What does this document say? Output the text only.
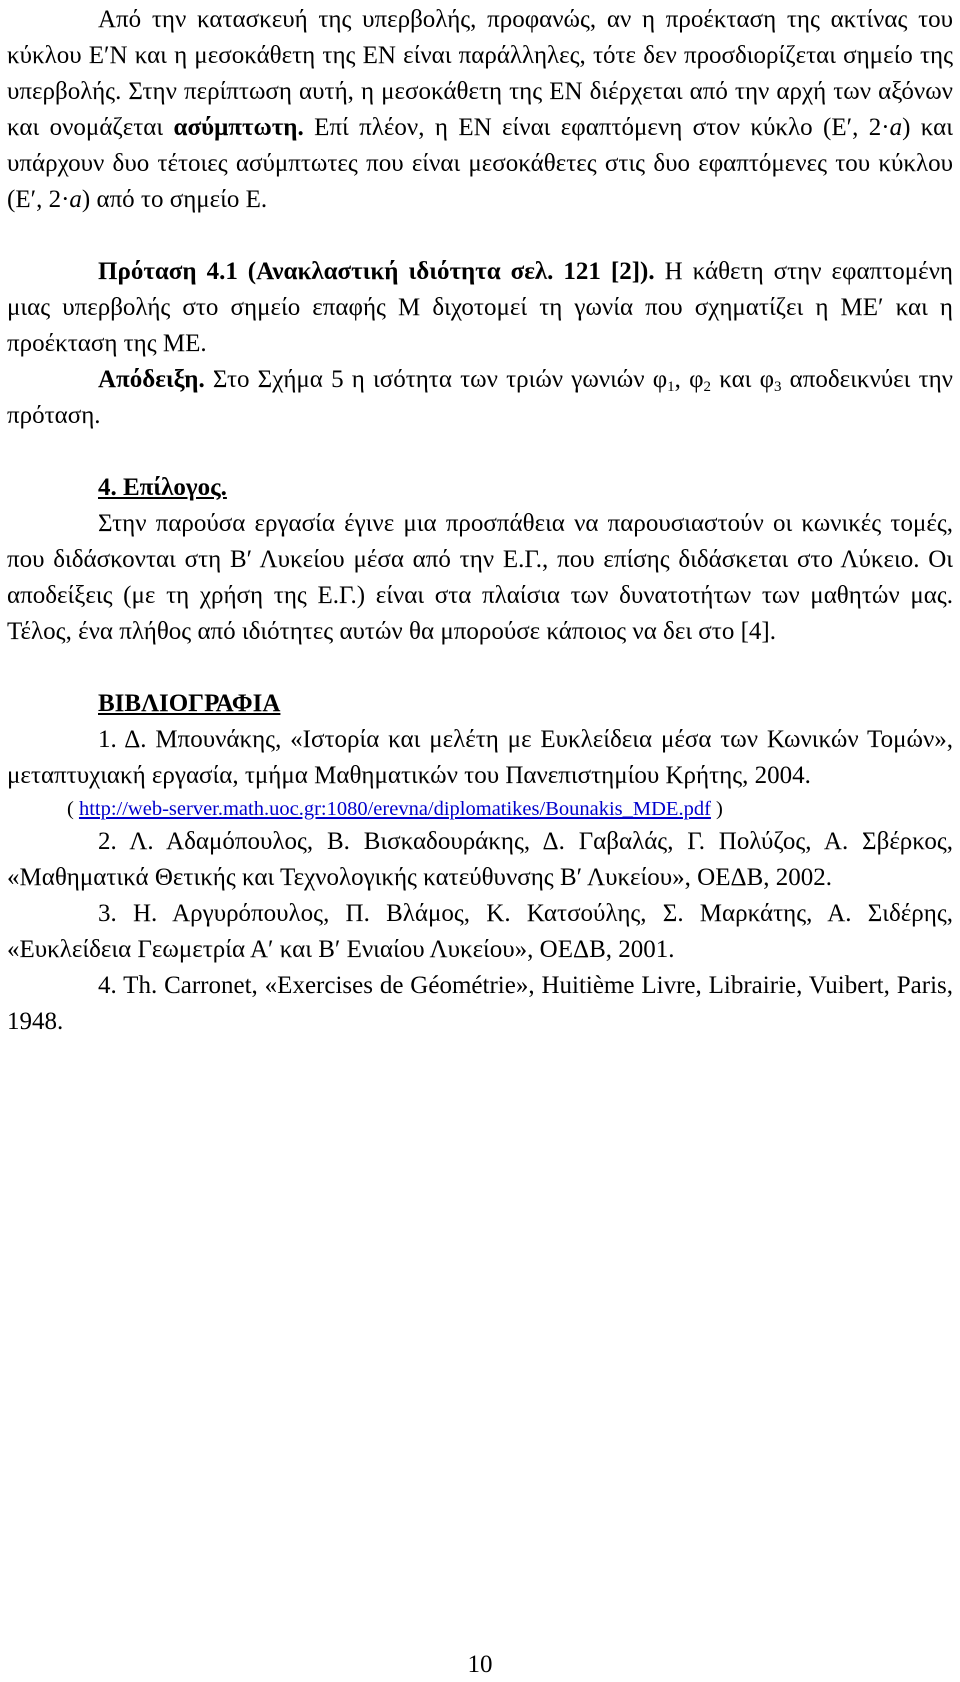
Από την κατασκευή της υπερβολής, προφανώς, αν η προέκταση της ακτίνας του κύκλου Ε′Ν και η μεσοκάθετη της ΕΝ είναι παράλληλες, τότε δεν προσδιορίζεται σημείο της υπερβολής. Στην περίπτωση αυτή, η μεσοκάθετη της ΕΝ διέρχεται από την αρχή των αξόνων και ονομάζεται ασύμπτωτη. Επί πλέον, η ΕΝ είναι εφαπτόμενη στον κύκλο (Ε′, 2·a) και υπάρχουν δυο τέτοιες ασύμπτωτες που είναι μεσοκάθετες στις δυο εφαπτόμενες του κύκλου (Ε′, 2·a) από το σημείο Ε.

Πρόταση 4.1 (Ανακλαστική ιδιότητα σελ. 121 [2]). Η κάθετη στην εφαπτομένη μιας υπερβολής στο σημείο επαφής Μ διχοτομεί τη γωνία που σχηματίζει η ΜΕ′ και η προέκταση της ΜΕ.

Απόδειξη. Στο Σχήμα 5 η ισότητα των τριών γωνιών $\varphi_1$, $\varphi_2$ και $\varphi_3$ αποδεικνύει την πρόταση.

4. Επίλογος.

Στην παρούσα εργασία έγινε μια προσπάθεια να παρουσιαστούν οι κωνικές τομές, που διδάσκονται στη Β′ Λυκείου μέσα από την Ε.Γ., που επίσης διδάσκεται στο Λύκειο. Οι αποδείξεις (με τη χρήση της Ε.Γ.) είναι στα πλαίσια των δυνατοτήτων των μαθητών μας. Τέλος, ένα πλήθος από ιδιότητες αυτών θα μπορούσε κάποιος να δει στο [4].

ΒΙΒΛΙΟΓΡΑΦΙΑ

1. Δ. Μπουνάκης, «Ιστορία και μελέτη με Ευκλείδεια μέσα των Κωνικών Τομών», μεταπτυχιακή εργασία, τμήμα Μαθηματικών του Πανεπιστημίου Κρήτης, 2004.

( http://web-server.math.uoc.gr:1080/erevna/diplomatikes/Bounakis_MDE.pdf )

2. Λ. Αδαμόπουλος, Β. Βισκαδουράκης, Δ. Γαβαλάς, Γ. Πολύζος, Α. Σβέρκος, «Μαθηματικά Θετικής και Τεχνολογικής κατεύθυνσης Β′ Λυκείου», ΟΕΔΒ, 2002.

3. Η. Αργυρόπουλος, Π. Βλάμος, Κ. Κατσούλης, Σ. Μαρκάτης, Α. Σιδέρης, «Ευκλείδεια Γεωμετρία Α′ και Β′ Ενιαίου Λυκείου», ΟΕΔΒ, 2001.

4. Th. Carronet, «Exercises de Géométrie», Huitième Livre, Librairie, Vuibert, Paris, 1948.

10
